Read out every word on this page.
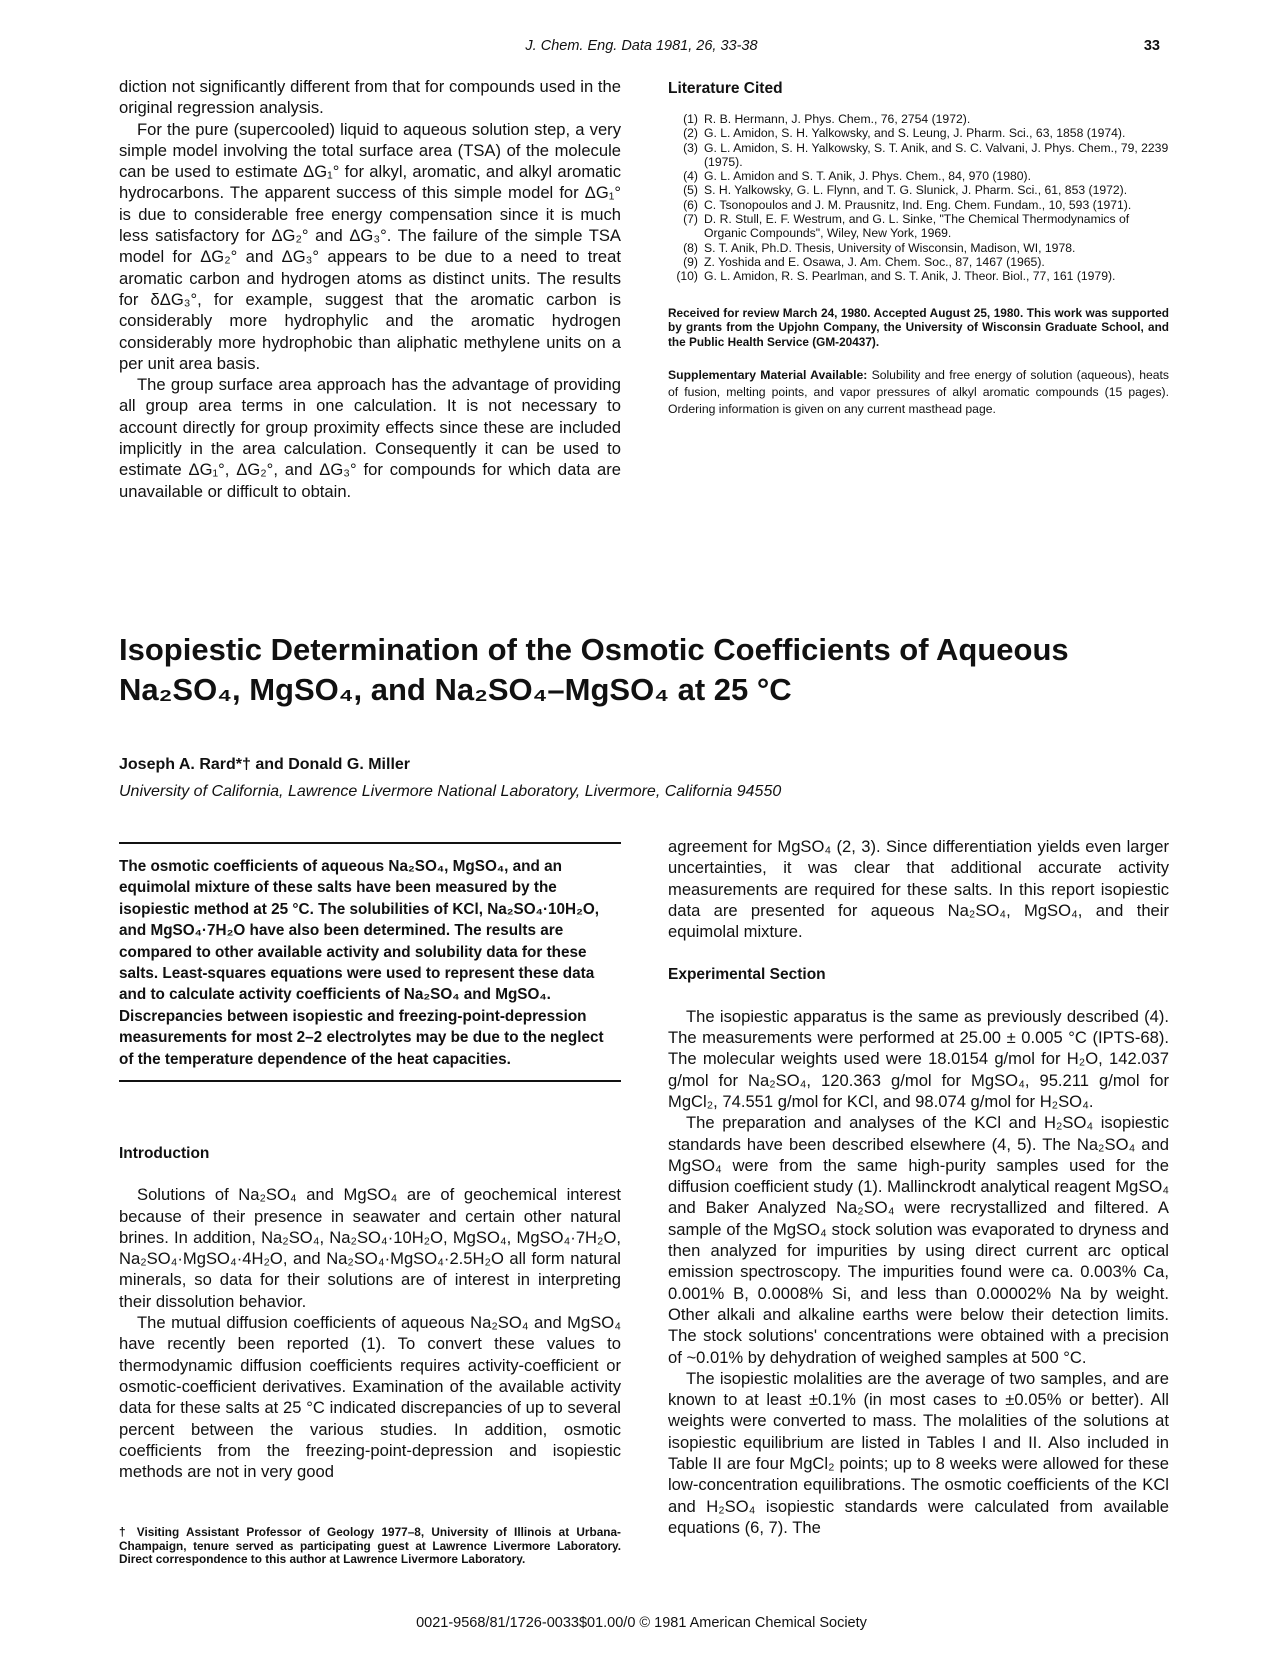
J. Chem. Eng. Data 1981, 26, 33-38	33

diction not significantly different from that for compounds used in the original regression analysis.

For the pure (supercooled) liquid to aqueous solution step, a very simple model involving the total surface area (TSA) of the molecule can be used to estimate ΔG₁° for alkyl, aromatic, and alkyl aromatic hydrocarbons. The apparent success of this simple model for ΔG₁° is due to considerable free energy compensation since it is much less satisfactory for ΔG₂° and ΔG₃°. The failure of the simple TSA model for ΔG₂° and ΔG₃° appears to be due to a need to treat aromatic carbon and hydrogen atoms as distinct units. The results for δΔG₃°, for example, suggest that the aromatic carbon is considerably more hydrophylic and the aromatic hydrogen considerably more hydrophobic than aliphatic methylene units on a per unit area basis.

The group surface area approach has the advantage of providing all group area terms in one calculation. It is not necessary to account directly for group proximity effects since these are included implicitly in the area calculation. Consequently it can be used to estimate ΔG₁°, ΔG₂°, and ΔG₃° for compounds for which data are unavailable or difficult to obtain.

Literature Cited
(1) R. B. Hermann, J. Phys. Chem., 76, 2754 (1972).
(2) G. L. Amidon, S. H. Yalkowsky, and S. Leung, J. Pharm. Sci., 63, 1858 (1974).
(3) G. L. Amidon, S. H. Yalkowsky, S. T. Anik, and S. C. Valvani, J. Phys. Chem., 79, 2239 (1975).
(4) G. L. Amidon and S. T. Anik, J. Phys. Chem., 84, 970 (1980).
(5) S. H. Yalkowsky, G. L. Flynn, and T. G. Slunick, J. Pharm. Sci., 61, 853 (1972).
(6) C. Tsonopoulos and J. M. Prausnitz, Ind. Eng. Chem. Fundam., 10, 593 (1971).
(7) D. R. Stull, E. F. Westrum, and G. L. Sinke, "The Chemical Thermodynamics of Organic Compounds", Wiley, New York, 1969.
(8) S. T. Anik, Ph.D. Thesis, University of Wisconsin, Madison, WI, 1978.
(9) Z. Yoshida and E. Osawa, J. Am. Chem. Soc., 87, 1467 (1965).
(10) G. L. Amidon, R. S. Pearlman, and S. T. Anik, J. Theor. Biol., 77, 161 (1979).
Received for review March 24, 1980. Accepted August 25, 1980. This work was supported by grants from the Upjohn Company, the University of Wisconsin Graduate School, and the Public Health Service (GM-20437).
Supplementary Material Available: Solubility and free energy of solution (aqueous), heats of fusion, melting points, and vapor pressures of alkyl aromatic compounds (15 pages). Ordering information is given on any current masthead page.
Isopiestic Determination of the Osmotic Coefficients of Aqueous
Na₂SO₄, MgSO₄, and Na₂SO₄–MgSO₄ at 25 °C
Joseph A. Rard*† and Donald G. Miller
University of California, Lawrence Livermore National Laboratory, Livermore, California 94550
The osmotic coefficients of aqueous Na₂SO₄, MgSO₄, and an equimolal mixture of these salts have been measured by the isopiestic method at 25 °C. The solubilities of KCl, Na₂SO₄·10H₂O, and MgSO₄·7H₂O have also been determined. The results are compared to other available activity and solubility data for these salts. Least-squares equations were used to represent these data and to calculate activity coefficients of Na₂SO₄ and MgSO₄. Discrepancies between isopiestic and freezing-point-depression measurements for most 2–2 electrolytes may be due to the neglect of the temperature dependence of the heat capacities.
Introduction

Solutions of Na₂SO₄ and MgSO₄ are of geochemical interest because of their presence in seawater and certain other natural brines. In addition, Na₂SO₄, Na₂SO₄·10H₂O, MgSO₄, MgSO₄·7H₂O, Na₂SO₄·MgSO₄·4H₂O, and Na₂SO₄·MgSO₄·2.5H₂O all form natural minerals, so data for their solutions are of interest in interpreting their dissolution behavior.

The mutual diffusion coefficients of aqueous Na₂SO₄ and MgSO₄ have recently been reported (1). To convert these values to thermodynamic diffusion coefficients requires activity-coefficient or osmotic-coefficient derivatives. Examination of the available activity data for these salts at 25 °C indicated discrepancies of up to several percent between the various studies. In addition, osmotic coefficients from the freezing-point-depression and isopiestic methods are not in very good

† Visiting Assistant Professor of Geology 1977–8, University of Illinois at Urbana-Champaign, tenure served as participating guest at Lawrence Livermore Laboratory. Direct correspondence to this author at Lawrence Livermore Laboratory.

agreement for MgSO₄ (2, 3). Since differentiation yields even larger uncertainties, it was clear that additional accurate activity measurements are required for these salts. In this report isopiestic data are presented for aqueous Na₂SO₄, MgSO₄, and their equimolal mixture.

Experimental Section

The isopiestic apparatus is the same as previously described (4). The measurements were performed at 25.00 ± 0.005 °C (IPTS-68). The molecular weights used were 18.0154 g/mol for H₂O, 142.037 g/mol for Na₂SO₄, 120.363 g/mol for MgSO₄, 95.211 g/mol for MgCl₂, 74.551 g/mol for KCl, and 98.074 g/mol for H₂SO₄.

The preparation and analyses of the KCl and H₂SO₄ isopiestic standards have been described elsewhere (4, 5). The Na₂SO₄ and MgSO₄ were from the same high-purity samples used for the diffusion coefficient study (1). Mallinckrodt analytical reagent MgSO₄ and Baker Analyzed Na₂SO₄ were recrystallized and filtered. A sample of the MgSO₄ stock solution was evaporated to dryness and then analyzed for impurities by using direct current arc optical emission spectroscopy. The impurities found were ca. 0.003% Ca, 0.001% B, 0.0008% Si, and less than 0.00002% Na by weight. Other alkali and alkaline earths were below their detection limits. The stock solutions' concentrations were obtained with a precision of ~0.01% by dehydration of weighed samples at 500 °C.

The isopiestic molalities are the average of two samples, and are known to at least ±0.1% (in most cases to ±0.05% or better). All weights were converted to mass. The molalities of the solutions at isopiestic equilibrium are listed in Tables I and II. Also included in Table II are four MgCl₂ points; up to 8 weeks were allowed for these low-concentration equilibrations. The osmotic coefficients of the KCl and H₂SO₄ isopiestic standards were calculated from available equations (6, 7). The

0021-9568/81/1726-0033$01.00/0 © 1981 American Chemical Society
